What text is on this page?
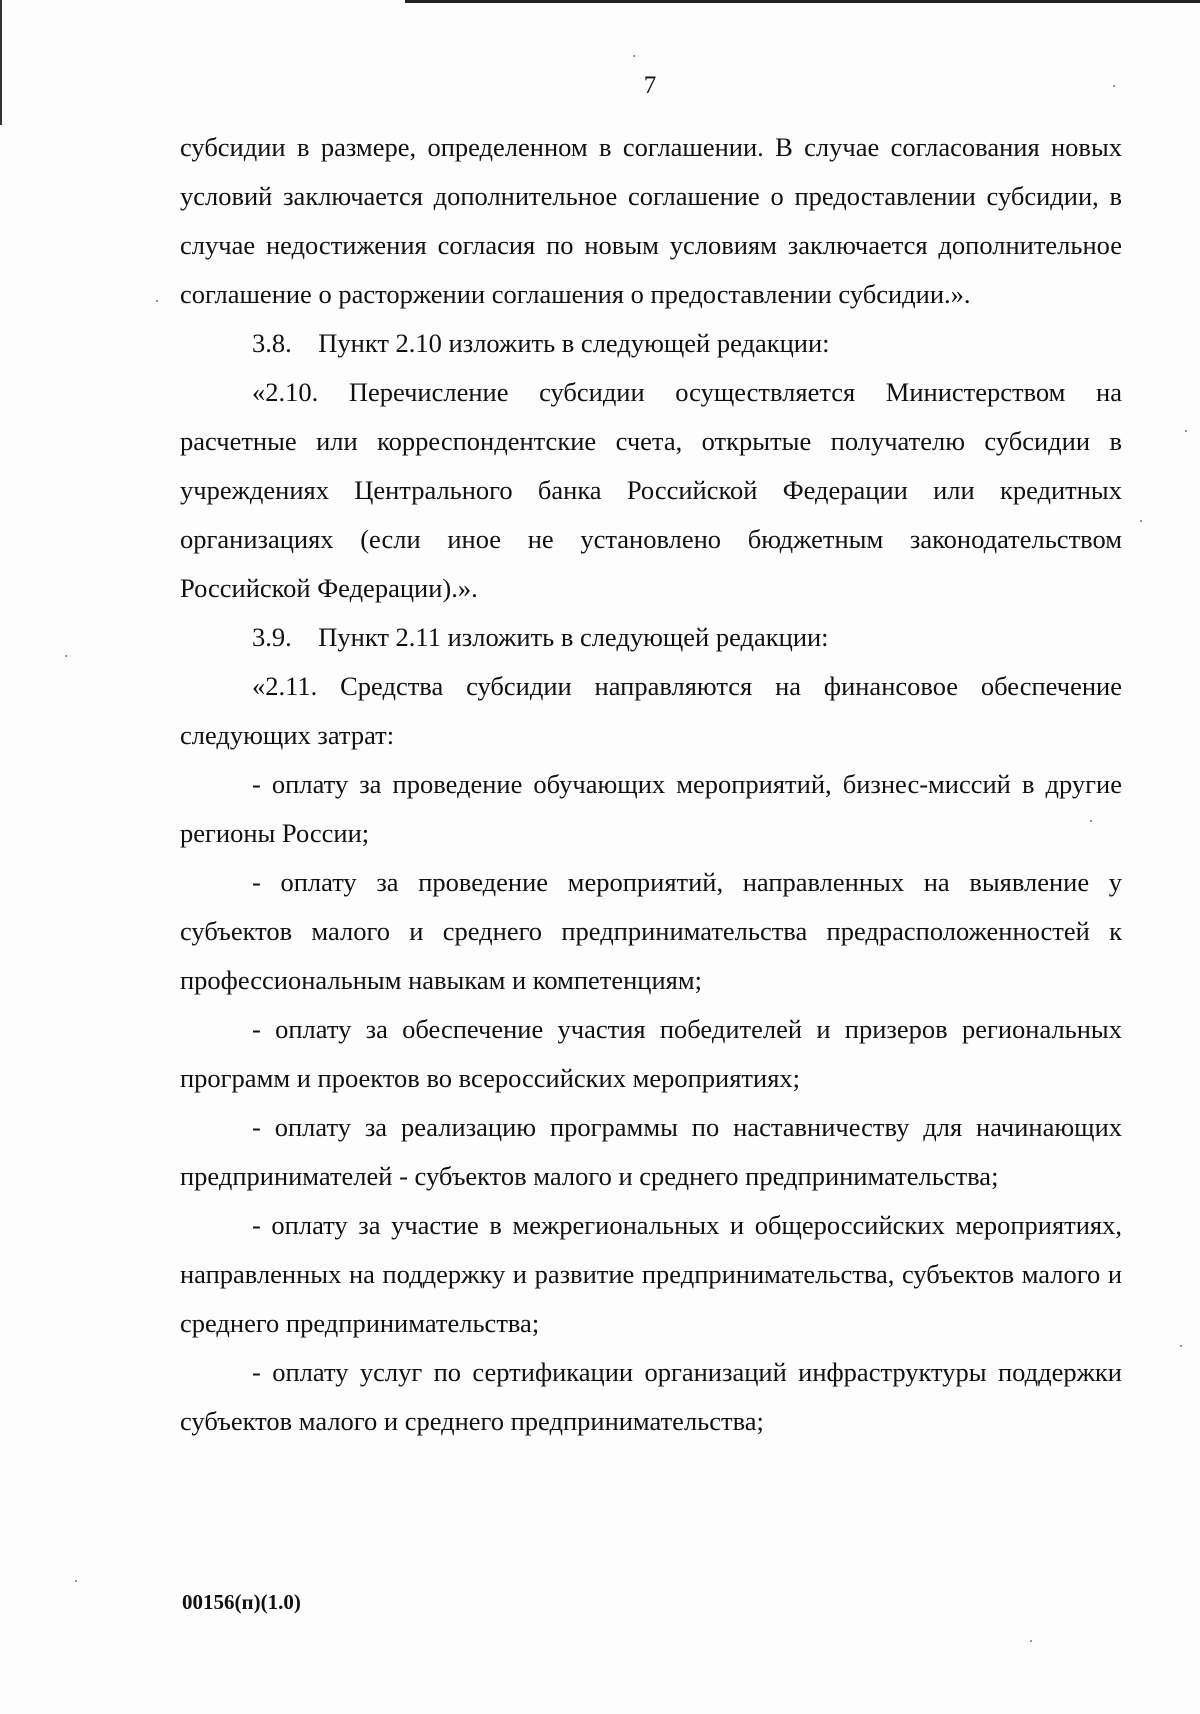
7

субсидии в размере, определенном в соглашении. В случае согласования новых условий заключается дополнительное соглашение о предоставлении субсидии, в случае недостижения согласия по новым условиям заключается дополнительное соглашение о расторжении соглашения о предоставлении субсидии.».

3.8. Пункт 2.10 изложить в следующей редакции:

«2.10. Перечисление субсидии осуществляется Министерством на расчетные или корреспондентские счета, открытые получателю субсидии в учреждениях Центрального банка Российской Федерации или кредитных организациях (если иное не установлено бюджетным законодательством Российской Федерации).».

3.9. Пункт 2.11 изложить в следующей редакции:

«2.11. Средства субсидии направляются на финансовое обеспечение следующих затрат:

- оплату за проведение обучающих мероприятий, бизнес-миссий в другие регионы России;

- оплату за проведение мероприятий, направленных на выявление у субъектов малого и среднего предпринимательства предрасположенностей к профессиональным навыкам и компетенциям;

- оплату за обеспечение участия победителей и призеров региональных программ и проектов во всероссийских мероприятиях;

- оплату за реализацию программы по наставничеству для начинающих предпринимателей - субъектов малого и среднего предпринимательства;

- оплату за участие в межрегиональных и общероссийских мероприятиях, направленных на поддержку и развитие предпринимательства, субъектов малого и среднего предпринимательства;

- оплату услуг по сертификации организаций инфраструктуры поддержки субъектов малого и среднего предпринимательства;

00156(п)(1.0)
